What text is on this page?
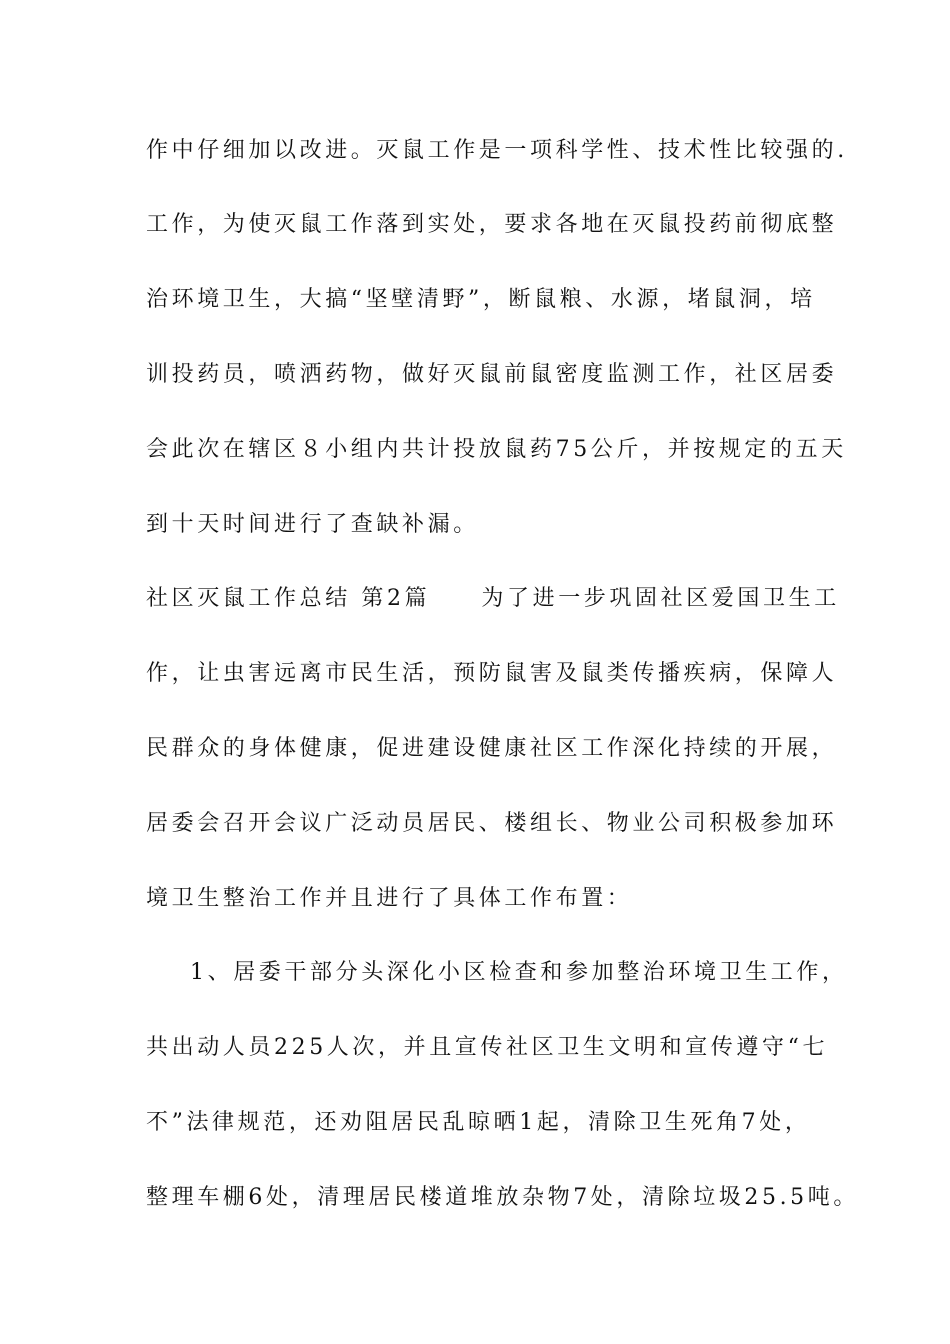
作中仔细加以改进。灭鼠工作是一项科学性、技术性比较强的.
工作，为使灭鼠工作落到实处，要求各地在灭鼠投药前彻底整
治环境卫生，大搞“坚壁清野”，断鼠粮、水源，堵鼠洞，培
训投药员，喷洒药物，做好灭鼠前鼠密度监测工作，社区居委
会此次在辖区８小组内共计投放鼠药75公斤，并按规定的五天
到十天时间进行了查缺补漏。
社区灭鼠工作总结 第2篇　　为了进一步巩固社区爱国卫生工
作，让虫害远离市民生活，预防鼠害及鼠类传播疾病，保障人
民群众的身体健康，促进建设健康社区工作深化持续的开展，
居委会召开会议广泛动员居民、楼组长、物业公司积极参加环
境卫生整治工作并且进行了具体工作布置：
1、居委干部分头深化小区检查和参加整治环境卫生工作，
共出动人员225人次，并且宣传社区卫生文明和宣传遵守“七
不”法律规范，还劝阻居民乱晾晒1起，清除卫生死角7处，
整理车棚6处，清理居民楼道堆放杂物7处，清除垃圾25.5吨。
